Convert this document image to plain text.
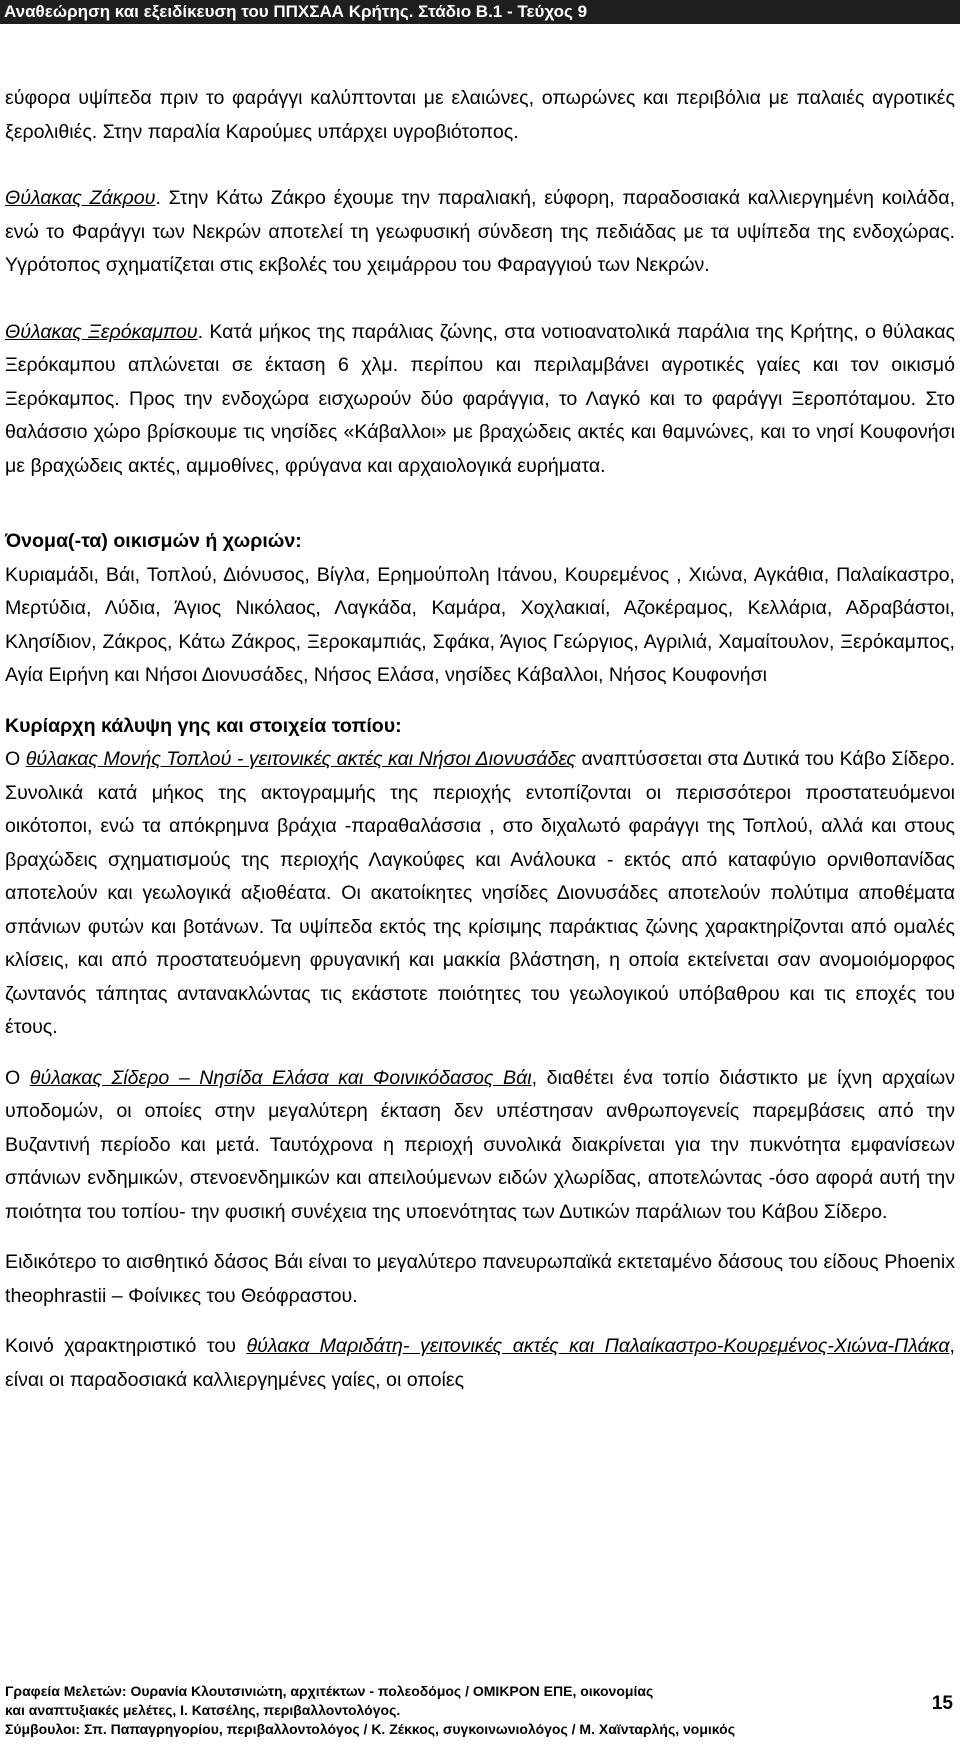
Αναθεώρηση και εξειδίκευση του ΠΠΧΣΑΑ Κρήτης. Στάδιο Β.1 - Τεύχος 9

εύφορα υψίπεδα πριν το φαράγγι καλύπτονται με ελαιώνες, οπωρώνες και περιβόλια με παλαιές αγροτικές ξερολιθιές. Στην παραλία Καρούμες υπάρχει υγροβιότοπος.

Θύλακας Ζάκρου. Στην Κάτω Ζάκρο έχουμε την παραλιακή, εύφορη, παραδοσιακά καλλιεργημένη κοιλάδα, ενώ το Φαράγγι των Νεκρών αποτελεί τη γεωφυσική σύνδεση της πεδιάδας με τα υψίπεδα της ενδοχώρας. Υγρότοπος σχηματίζεται στις εκβολές του χειμάρρου του Φαραγγιού των Νεκρών.

Θύλακας Ξερόκαμπου. Κατά μήκος της παράλιας ζώνης, στα νοτιοανατολικά παράλια της Κρήτης, ο θύλακας Ξερόκαμπου απλώνεται σε έκταση 6 χλμ. περίπου και περιλαμβάνει αγροτικές γαίες και τον οικισμό Ξερόκαμπος. Προς την ενδοχώρα εισχωρούν δύο φαράγγια, το Λαγκό και το φαράγγι Ξεροπόταμου. Στο θαλάσσιο χώρο βρίσκουμε τις νησίδες «Κάβαλλοι» με βραχώδεις ακτές και θαμνώνες, και το νησί Κουφονήσι με βραχώδεις ακτές, αμμοθίνες, φρύγανα και αρχαιολογικά ευρήματα.

Όνομα(-τα) οικισμών ή χωριών:

Κυριαμάδι, Βάι, Τοπλού, Διόνυσος, Βίγλα, Ερημούπολη Ιτάνου, Κουρεμένος , Χιώνα, Αγκάθια, Παλαίκαστρο, Μερτύδια, Λύδια, Άγιος Νικόλαος, Λαγκάδα, Καμάρα, Χοχλακιαί, Αζοκέραμος, Κελλάρια, Αδραβάστοι, Κλησίδιον, Ζάκρος, Κάτω Ζάκρος, Ξεροκαμπιάς, Σφάκα, Άγιος Γεώργιος, Αγριλιά, Χαμαίτουλον, Ξερόκαμπος, Αγία Ειρήνη και Νήσοι Διονυσάδες, Νήσος Ελάσα, νησίδες Κάβαλλοι, Νήσος Κουφονήσι

Κυρίαρχη κάλυψη γης και στοιχεία τοπίου:

Ο θύλακας Μονής Τοπλού - γειτονικές ακτές και Νήσοι Διονυσάδες αναπτύσσεται στα Δυτικά του Κάβο Σίδερο. Συνολικά κατά μήκος της ακτογραμμής της περιοχής εντοπίζονται οι περισσότεροι προστατευόμενοι οικότοποι, ενώ τα απόκρημνα βράχια -παραθαλάσσια , στο διχαλωτό φαράγγι της Τοπλού, αλλά και στους βραχώδεις σχηματισμούς της περιοχής Λαγκούφες και Ανάλουκα - εκτός από καταφύγιο ορνιθοπανίδας αποτελούν και γεωλογικά αξιοθέατα. Οι ακατοίκητες νησίδες Διονυσάδες αποτελούν πολύτιμα αποθέματα σπάνιων φυτών και βοτάνων. Τα υψίπεδα εκτός της κρίσιμης παράκτιας ζώνης χαρακτηρίζονται από ομαλές κλίσεις, και από προστατευόμενη φρυγανική και μακκία βλάστηση, η οποία εκτείνεται σαν ανομοιόμορφος ζωντανός τάπητας αντανακλώντας τις εκάστοτε ποιότητες του γεωλογικού υπόβαθρου και τις εποχές του έτους.

Ο θύλακας Σίδερο – Νησίδα Ελάσα και Φοινικόδασος Βάι, διαθέτει ένα τοπίο διάστικτο με ίχνη αρχαίων υποδομών, οι οποίες στην μεγαλύτερη έκταση δεν υπέστησαν ανθρωπογενείς παρεμβάσεις από την Βυζαντινή περίοδο και μετά. Ταυτόχρονα η περιοχή συνολικά διακρίνεται για την πυκνότητα εμφανίσεων σπάνιων ενδημικών, στενοενδημικών και απειλούμενων ειδών χλωρίδας, αποτελώντας -όσο αφορά αυτή την ποιότητα του τοπίου- την φυσική συνέχεια της υποενότητας των Δυτικών παράλιων του Κάβου Σίδερο.

Ειδικότερο το αισθητικό δάσος Βάι είναι το μεγαλύτερο πανευρωπαϊκά εκτεταμένο δάσους του είδους Phoenix theophrastii – Φοίνικες του Θεόφραστου.

Κοινό χαρακτηριστικό του θύλακα Μαριδάτη- γειτονικές ακτές και Παλαίκαστρο-Κουρεμένος-Χιώνα-Πλάκα, είναι οι παραδοσιακά καλλιεργημένες γαίες, οι οποίες

Γραφεία Μελετών: Ουρανία Κλουτσινιώτη, αρχιτέκτων - πολεοδόμος / ΟΜΙΚΡΟΝ ΕΠΕ, οικονομίας
και αναπτυξιακές μελέτες, Ι. Κατσέλης, περιβαλλοντολόγος.
Σύμβουλοι: Σπ. Παπαγρηγορίου, περιβαλλοντολόγος / Κ. Ζέκκος, συγκοινωνιολόγος / Μ. Χαϊνταρλής, νομικός
15
